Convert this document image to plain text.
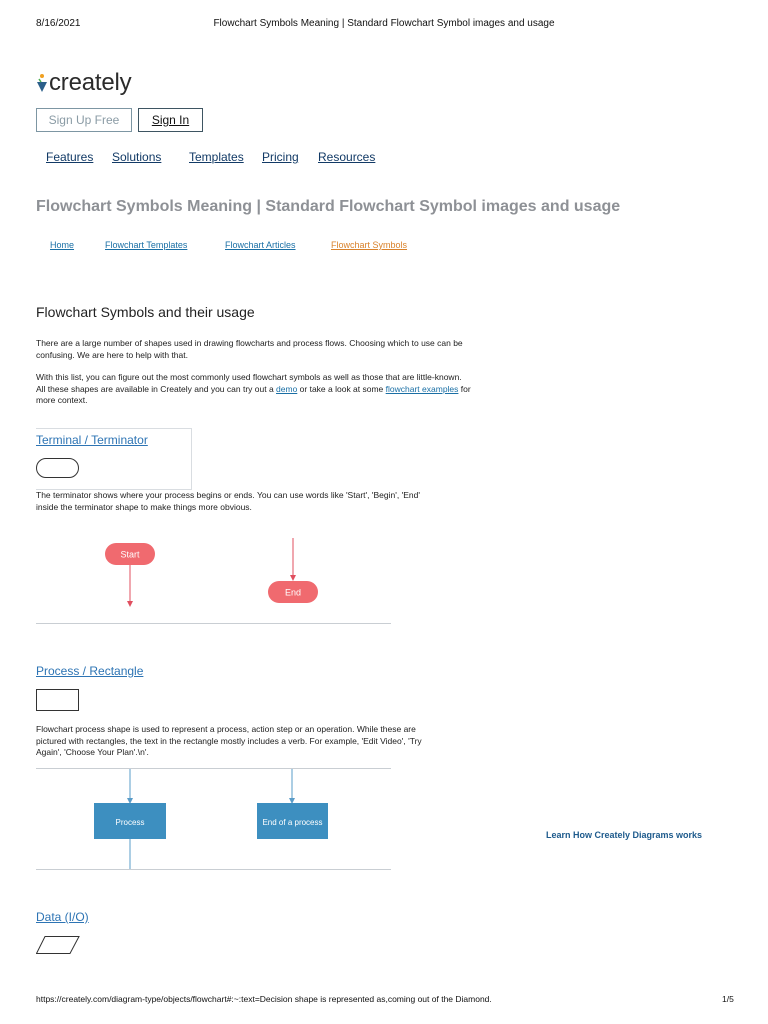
8/16/2021	Flowchart Symbols Meaning | Standard Flowchart Symbol images and usage
creately
Sign Up Free	Sign In
Features Solutions Templates Pricing Resources
Flowchart Symbols Meaning | Standard Flowchart Symbol images and usage
Home	Flowchart Templates	Flowchart Articles	Flowchart Symbols
Flowchart Symbols and their usage
There are a large number of shapes used in drawing flowcharts and process flows. Choosing which to use can be
confusing. We are here to help with that.
With this list, you can figure out the most commonly used flowchart symbols as well as those that are little-known.
All these shapes are available in Creately and you can try out a demo or take a look at some flowchart examples for
more context.
Terminal / Terminator
The terminator shows where your process begins or ends. You can use words like 'Start', 'Begin', 'End'
inside the terminator shape to make things more obvious.
Start
End
Process / Rectangle
Flowchart process shape is used to represent a process, action step or an operation. While these are
pictured with rectangles, the text in the rectangle mostly includes a verb. For example, 'Edit Video', 'Try
Again', 'Choose Your Plan'.\n'.
Process	End of a process
Learn How Creately Diagrams works
Data (I/O)
https://creately.com/diagram-type/objects/flowchart#:~:text=Decision shape is represented as,coming out of the Diamond.	1/5
